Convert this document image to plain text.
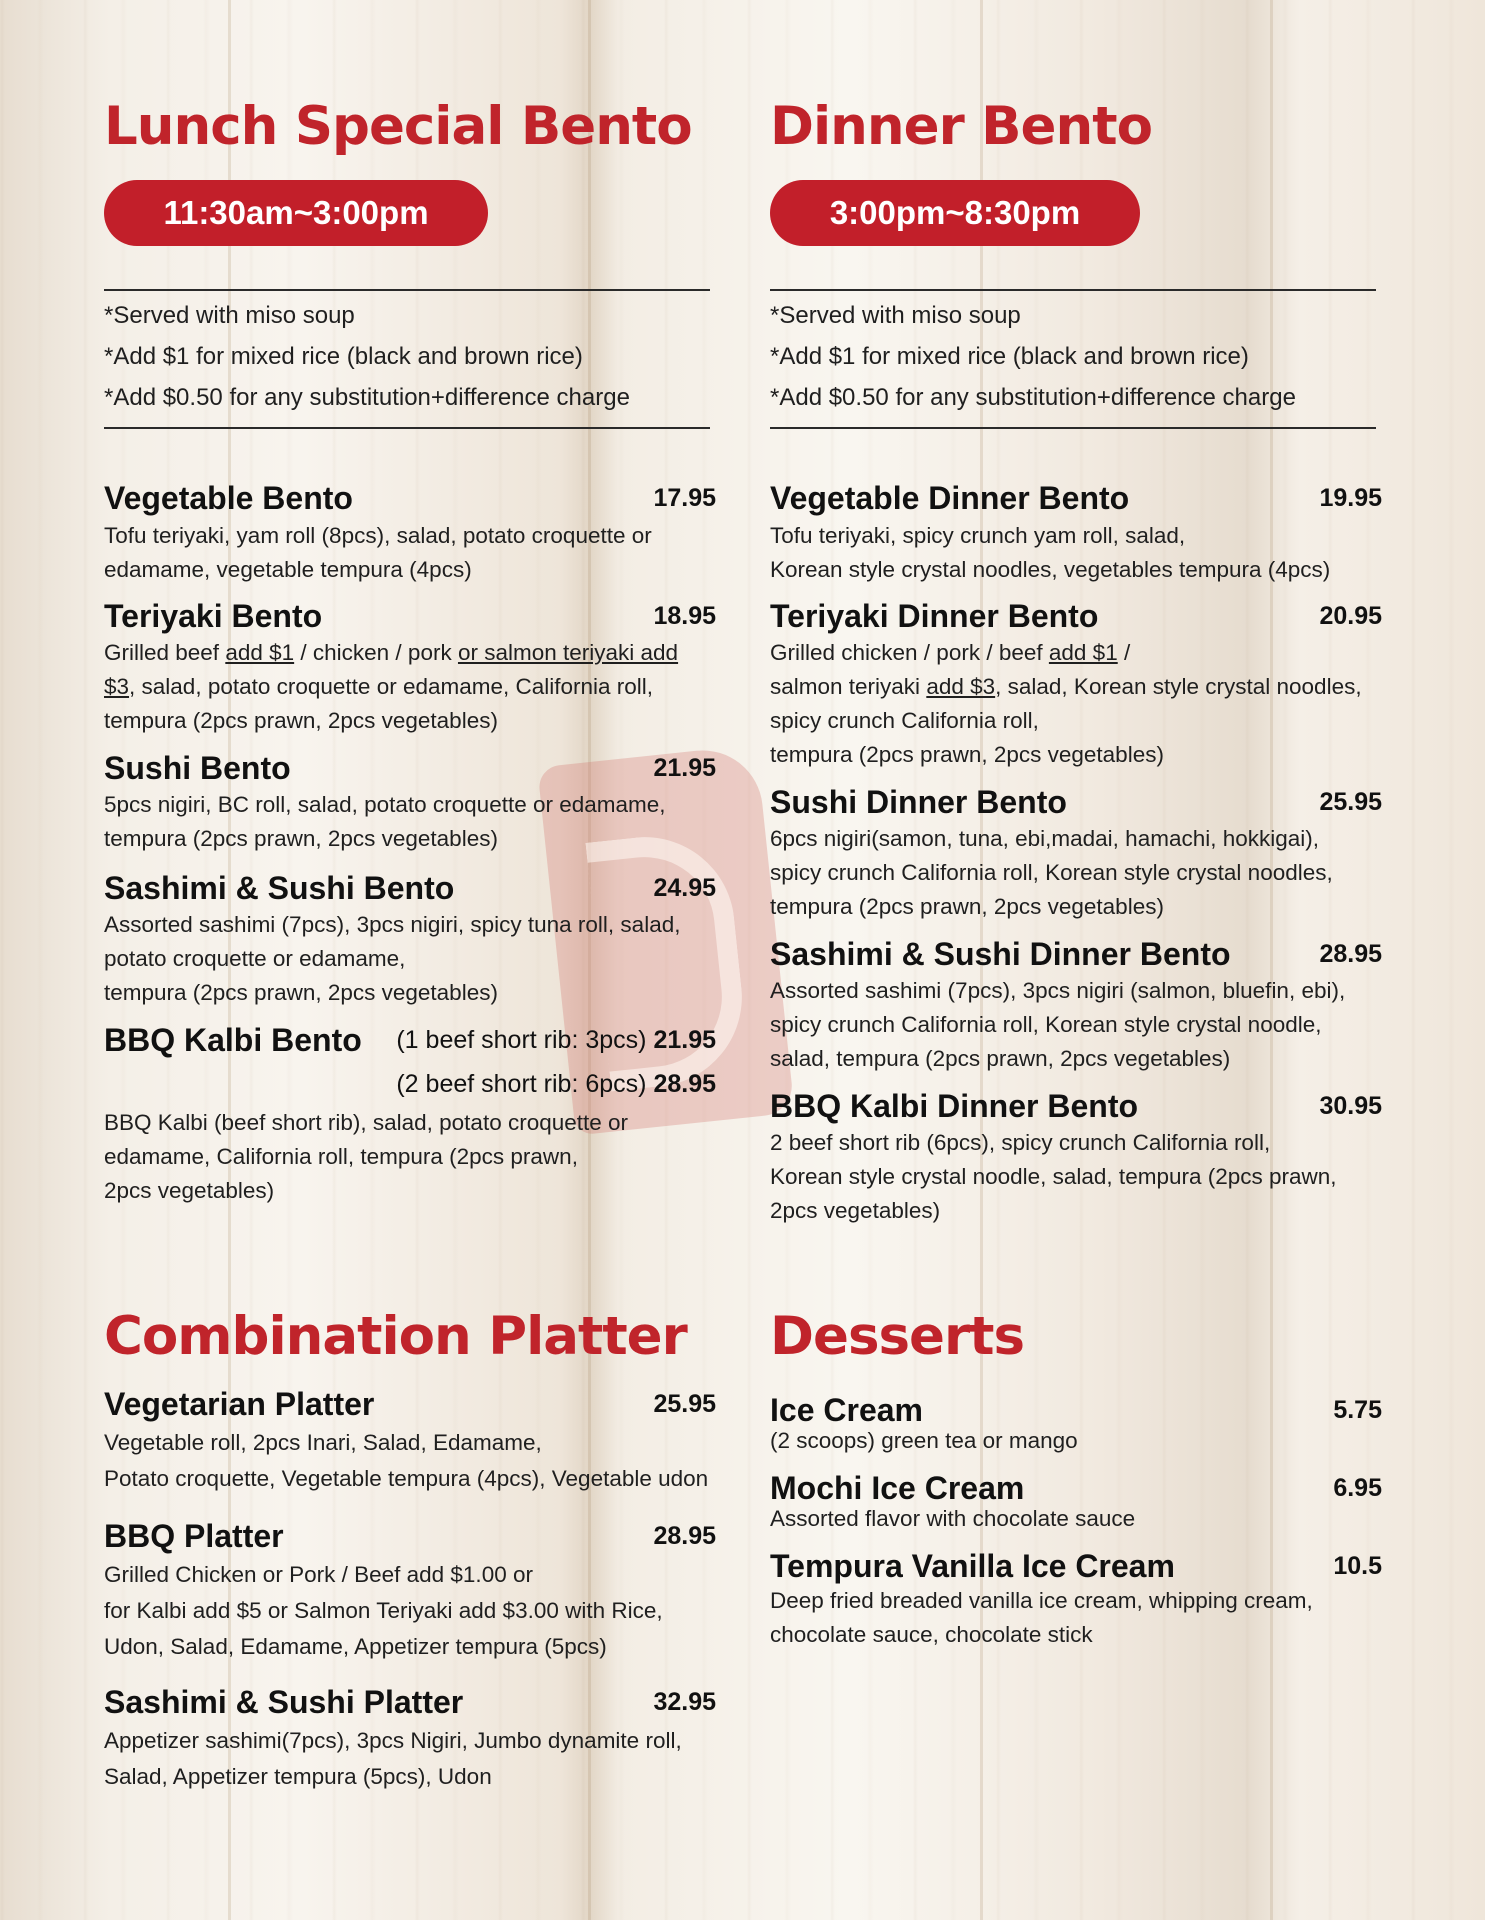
Lunch Special Bento
11:30am~3:00pm
*Served with miso soup
*Add $1 for mixed rice (black and brown rice)
*Add $0.50 for any substitution+difference charge
Vegetable Bento	17.95
Tofu teriyaki, yam roll (8pcs), salad, potato croquette or
edamame, vegetable tempura (4pcs)
Teriyaki Bento	18.95
Grilled beef add $1 / chicken / pork or salmon teriyaki add
$3, salad, potato croquette or edamame, California roll,
tempura (2pcs prawn, 2pcs vegetables)
Sushi Bento	21.95
5pcs nigiri, BC roll, salad, potato croquette or edamame,
tempura (2pcs prawn, 2pcs vegetables)
Sashimi & Sushi Bento	24.95
Assorted sashimi (7pcs), 3pcs nigiri, spicy tuna roll, salad,
potato croquette or edamame,
tempura (2pcs prawn, 2pcs vegetables)
BBQ Kalbi Bento (1 beef short rib: 3pcs) 21.95
(2 beef short rib: 6pcs) 28.95
BBQ Kalbi (beef short rib), salad, potato croquette or
edamame, California roll, tempura (2pcs prawn,
2pcs vegetables)
Dinner Bento
3:00pm~8:30pm
*Served with miso soup
*Add $1 for mixed rice (black and brown rice)
*Add $0.50 for any substitution+difference charge
Vegetable Dinner Bento	19.95
Tofu teriyaki, spicy crunch yam roll, salad,
Korean style crystal noodles, vegetables tempura (4pcs)
Teriyaki Dinner Bento	20.95
Grilled chicken / pork / beef add $1 /
salmon teriyaki add $3, salad, Korean style crystal noodles,
spicy crunch California roll,
tempura (2pcs prawn, 2pcs vegetables)
Sushi Dinner Bento	25.95
6pcs nigiri(samon, tuna, ebi,madai, hamachi, hokkigai),
spicy crunch California roll, Korean style crystal noodles,
tempura (2pcs prawn, 2pcs vegetables)
Sashimi & Sushi Dinner Bento	28.95
Assorted sashimi (7pcs), 3pcs nigiri (salmon, bluefin, ebi),
spicy crunch California roll, Korean style crystal noodle,
salad, tempura (2pcs prawn, 2pcs vegetables)
BBQ Kalbi Dinner Bento	30.95
2 beef short rib (6pcs), spicy crunch California roll,
Korean style crystal noodle, salad, tempura (2pcs prawn,
2pcs vegetables)
Combination Platter
Vegetarian Platter	25.95
Vegetable roll, 2pcs Inari, Salad, Edamame,
Potato croquette, Vegetable tempura (4pcs), Vegetable udon
BBQ Platter	28.95
Grilled Chicken or Pork / Beef add $1.00 or
for Kalbi add $5 or Salmon Teriyaki add $3.00 with Rice,
Udon, Salad, Edamame, Appetizer tempura (5pcs)
Sashimi & Sushi Platter	32.95
Appetizer sashimi(7pcs), 3pcs Nigiri, Jumbo dynamite roll,
Salad, Appetizer tempura (5pcs), Udon
Desserts
Ice Cream	5.75
(2 scoops) green tea or mango
Mochi Ice Cream	6.95
Assorted flavor with chocolate sauce
Tempura Vanilla Ice Cream	10.5
Deep fried breaded vanilla ice cream, whipping cream,
chocolate sauce, chocolate stick
